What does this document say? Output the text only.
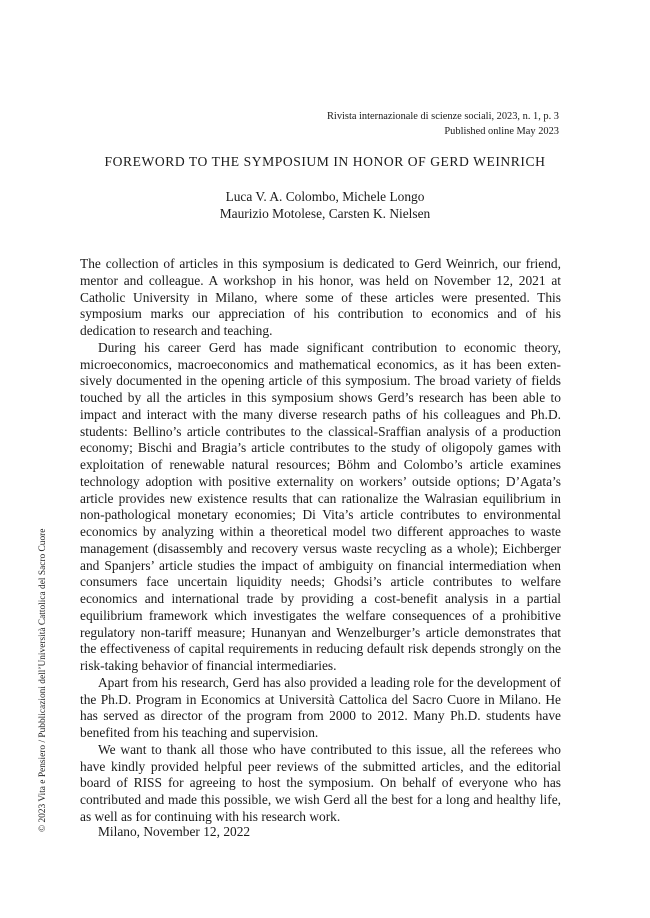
Rivista internazionale di scienze sociali, 2023, n. 1, p. 3
Published online May 2023
FOREWORD TO THE SYMPOSIUM IN HONOR OF GERD WEINRICH
Luca V. A. Colombo, Michele Longo
Maurizio Motolese, Carsten K. Nielsen

The collection of articles in this symposium is dedicated to Gerd Weinrich, our friend, mentor and colleague. A workshop in his honor, was held on November 12, 2021 at Catholic University in Milano, where some of these articles were presented. This symposium marks our appreciation of his contribution to economics and of his dedication to research and teaching.

During his career Gerd has made significant contribution to economic theory, microeconomics, macroeconomics and mathematical economics, as it has been extensively documented in the opening article of this symposium. The broad variety of fields touched by all the articles in this symposium shows Gerd’s research has been able to impact and interact with the many diverse research paths of his colleagues and Ph.D. students: Bellino’s article contributes to the classical-Sraffian analysis of a production economy; Bischi and Bragia’s article contributes to the study of oligopoly games with exploitation of renewable natural resources; Böhm and Colombo’s article examines technology adoption with positive externality on workers’ outside options; D’Agata’s article provides new existence results that can rationalize the Walrasian equilibrium in non-pathological monetary economies; Di Vita’s article contributes to environmental economics by analyzing within a theoretical model two different approaches to waste management (disassembly and recovery versus waste recycling as a whole); Eichberger and Spanjers’ article studies the impact of ambiguity on financial intermediation when consumers face uncertain liquidity needs; Ghodsi’s article contributes to welfare economics and international trade by providing a cost-benefit analysis in a partial equilibrium framework which investigates the welfare consequences of a prohibitive regulatory non-tariff measure; Hunanyan and Wenzelburger’s article demonstrates that the effectiveness of capital requirements in reducing default risk depends strongly on the risk-taking behavior of financial intermediaries.

Apart from his research, Gerd has also provided a leading role for the development of the Ph.D. Program in Economics at Università Cattolica del Sacro Cuore in Milano. He has served as director of the program from 2000 to 2012. Many Ph.D. students have benefited from his teaching and supervision.

We want to thank all those who have contributed to this issue, all the referees who have kindly provided helpful peer reviews of the submitted articles, and the editorial board of RISS for agreeing to host the symposium. On behalf of everyone who has contributed and made this possible, we wish Gerd all the best for a long and healthy life, as well as for continuing with his research work.

Milano, November 12, 2022
© 2023 Vita e Pensiero / Pubblicazioni dell’Università Cattolica del Sacro Cuore
